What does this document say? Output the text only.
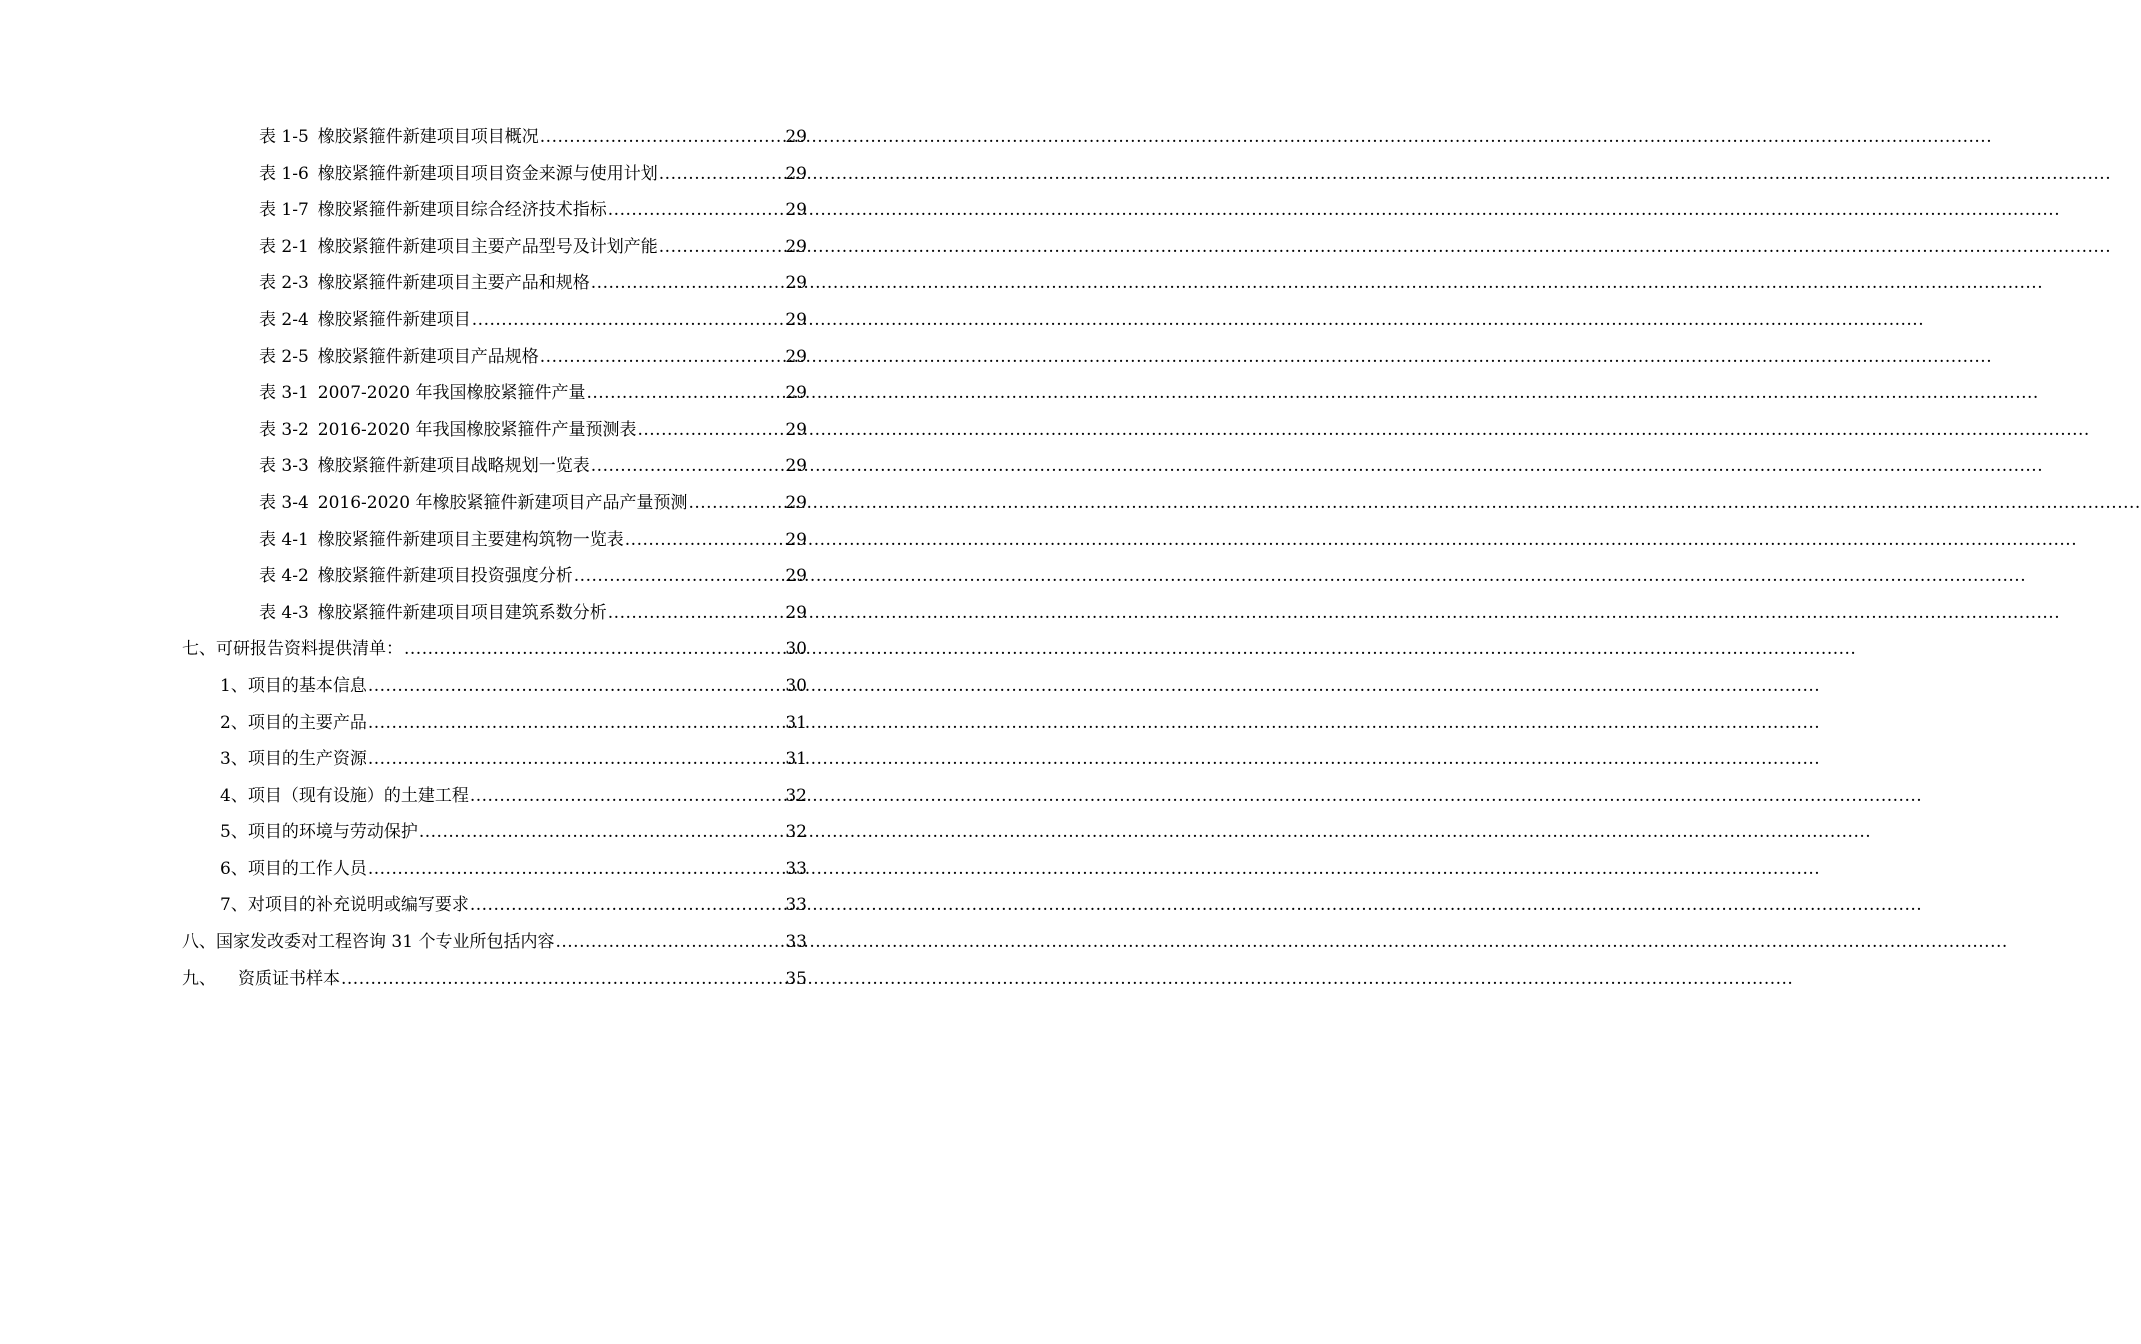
表 1-5 橡胶紧箍件新建项目项目概况 .....	29
表 1-6 橡胶紧箍件新建项目项目资金来源与使用计划 .....	29
表 1-7 橡胶紧箍件新建项目综合经济技术指标 .....	29
表 2-1 橡胶紧箍件新建项目主要产品型号及计划产能 .....	29
表 2-3 橡胶紧箍件新建项目主要产品和规格 .....	29
表 2-4 橡胶紧箍件新建项目 .....	29
表 2-5 橡胶紧箍件新建项目产品规格 .....	29
表 3-1 2007-2020 年我国橡胶紧箍件产量 .....	29
表 3-2 2016-2020 年我国橡胶紧箍件产量预测表 .....	29
表 3-3 橡胶紧箍件新建项目战略规划一览表 .....	29
表 3-4 2016-2020 年橡胶紧箍件新建项目产品产量预测 .....	29
表 4-1 橡胶紧箍件新建项目主要建构筑物一览表 .....	29
表 4-2 橡胶紧箍件新建项目投资强度分析 .....	29
表 4-3 橡胶紧箍件新建项目项目建筑系数分析 .....	29
七、可研报告资料提供清单： .....	30
1、项目的基本信息 .....	30
2、项目的主要产品 .....	31
3、项目的生产资源 .....	31
4、项目（现有设施）的土建工程 .....	32
5、项目的环境与劳动保护 .....	32
6、项目的工作人员 .....	33
7、对项目的补充说明或编写要求 .....	33
八、国家发改委对工程咨询 31 个专业所包括内容 .....	33
九、 资质证书样本 .....	35
